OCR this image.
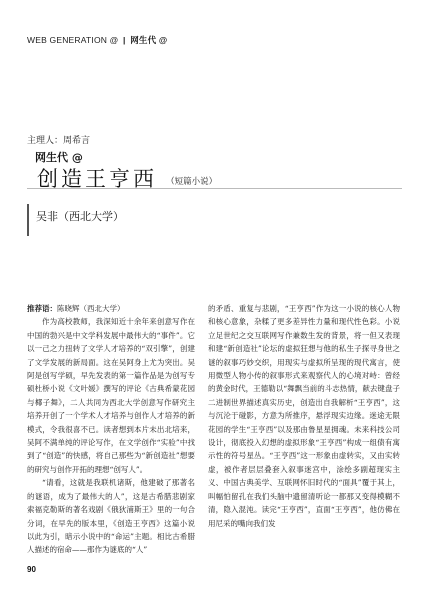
WEB GENERATION @ | 网生代 @
主理人：周希言
网生代 @
创造王亨西 （短篇小说）
吴非（西北大学）

推荐语：陈晓辉（西北大学）

作为高校教师，我深知近十余年来创意写作在中国的勃兴是中文学科发展中最伟大的“事件”。它以一己之力扭转了文学人才培养的“双引擎”，创建了文学发展的新局面。这在吴阿身上尤为突出。吴阿是创写学硕，早先发表的第一篇作品是为创写专硕杜桥小说《文叶媛》撰写的评论《古典希蒙花园与椰子舞》，二人共同为西北大学创意写作研究主培养开创了一个学术人才培养与创作人才培养的新模式，令我很喜不已。读者想到本片未出北培来，吴阿不满单纯的评论写作，在文学创作“实验”中找到了“创造”的快感，将自己那些为“新创造社”想要的研究与创作开拓的理想“创写人”。

“请看，这就是我联机诸斯，他建破了那著名的谜语，成为了最伟大的人”，这是古希腊悲剧家索福克勒斯的著名戏剧《俄狄浦斯王》里的一句合分词，在早先的版本里，《创造王亨西》这篇小说以此为引，暗示小说中的“命运”主题。相比古希腊人描述的宿命——那作为谜底的“人”

的矛盾、重复与悲剧，“王亨西”作为这一小说的核心人物和核心意象，杂糅了更多差异性力量和现代性色彩。小说立足世纪之交互联网写作兼数生发的背景，将一但又表现和建“新创造社”论坛的虚拟狂想与他的私生子探寻身世之谜的叙事巧妙交织，用现实与虚拟所呈现的现代寓言，使用微型人物小传的叙事形式来观察代人的心境对峙：曾经的黄金时代，王德勒以“舞飘当前的斗志热情，献去键盘子二进制世界描述真实历史，创造出自我解析“王亨西”，这与沉沦于碰影，方意为所推序，悬浮现实边缘。迷途无限花园的学生“王亨西”以及那由鲁星星拥魂。未来科技公司设计，彻底投入幻想的虚拟形象“王亨西”构成一组债有寓示性的符号星丛。“王亨西”这一形象由虚转实，又由实转虚，被作者层层叠套入叙事迷宫中，涂绘多副超现实主义、中国古典美学、互联网怀旧时代的“面具”覆于其上，叫幅怕留孔在我们头脑中遗留清听论一都那又变得模糊不清，隐入混沌。读完“王亨西”，直面“王亨西”，他仿佛在用尼采的嘴向我们发

90
